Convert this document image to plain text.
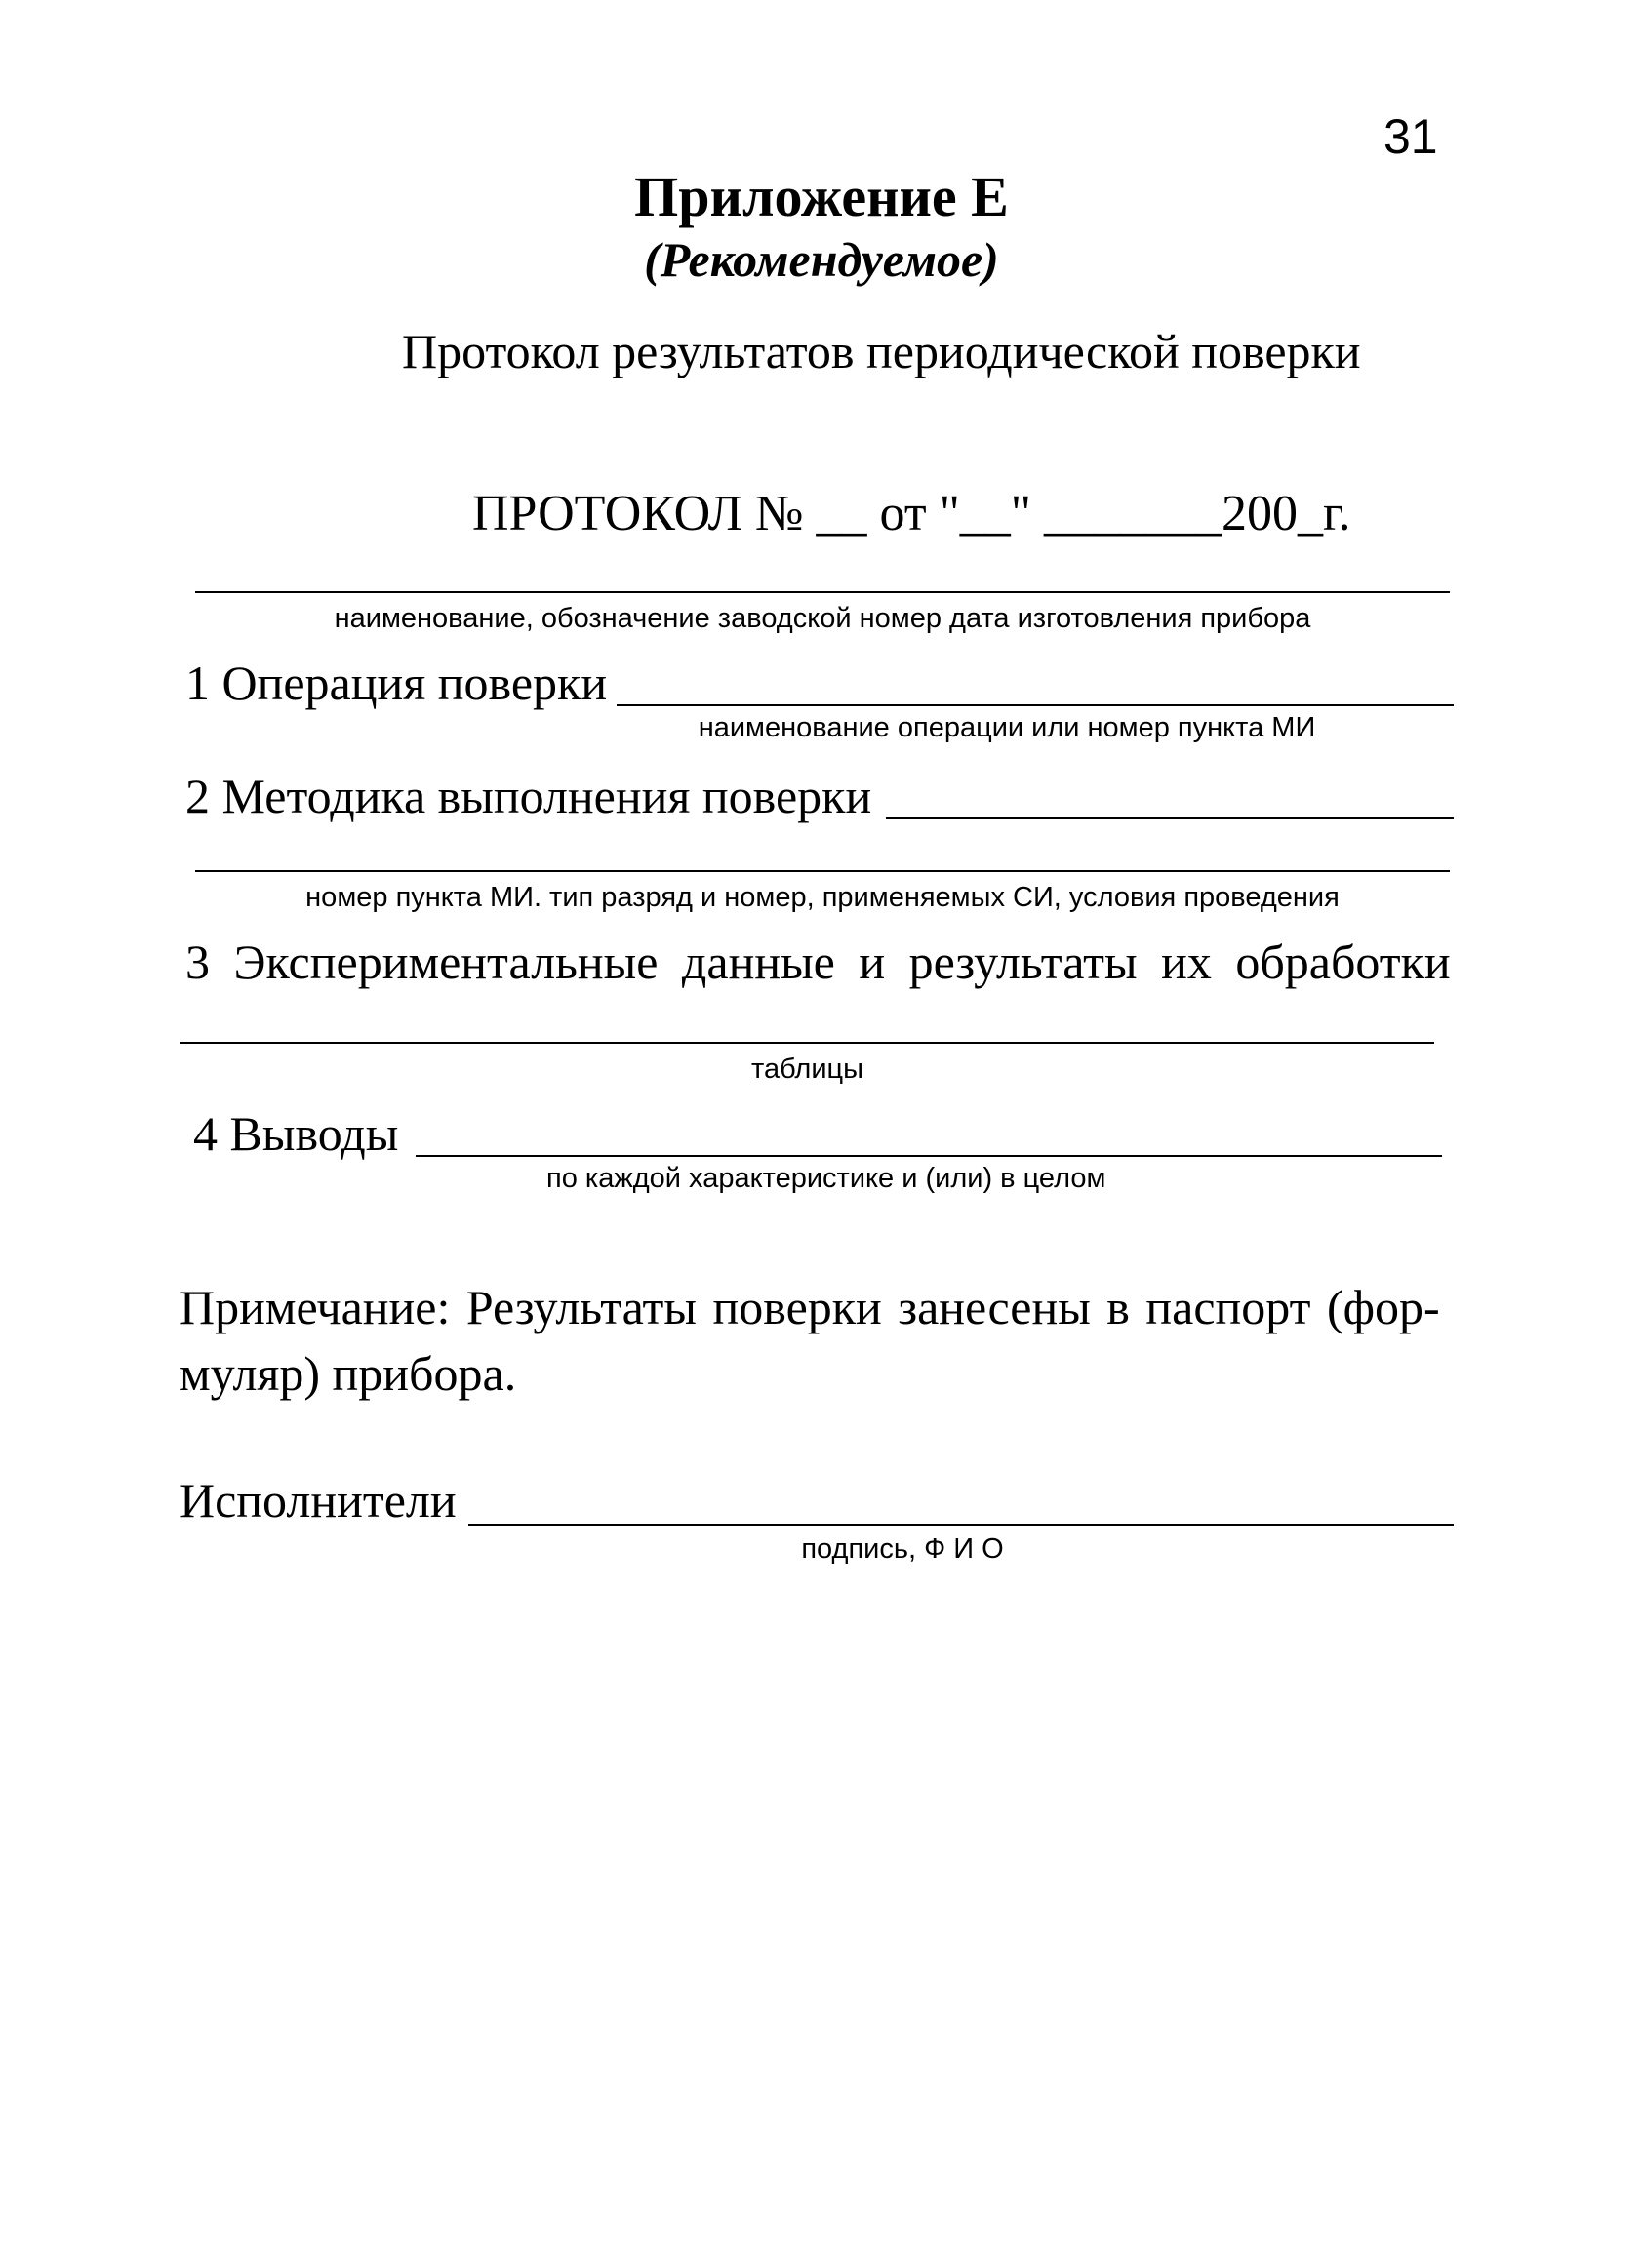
31
Приложение Е
(Рекомендуемое)
Протокол результатов периодической поверки
ПРОТОКОЛ № __ от "__" _______200_г.
наименование, обозначение заводской номер дата изготовления прибора
1 Операция поверки
наименование операции или номер пункта МИ
2 Методика выполнения поверки
номер пункта МИ. тип разряд и номер, применяемых СИ, условия проведения
3 Экспериментальные данные и результаты их обработки
таблицы
4 Выводы
по каждой характеристике и (или) в целом
Примечание: Результаты поверки занесены в паспорт (фор-
муляр) прибора.
Исполнители
подпись, Ф И О
